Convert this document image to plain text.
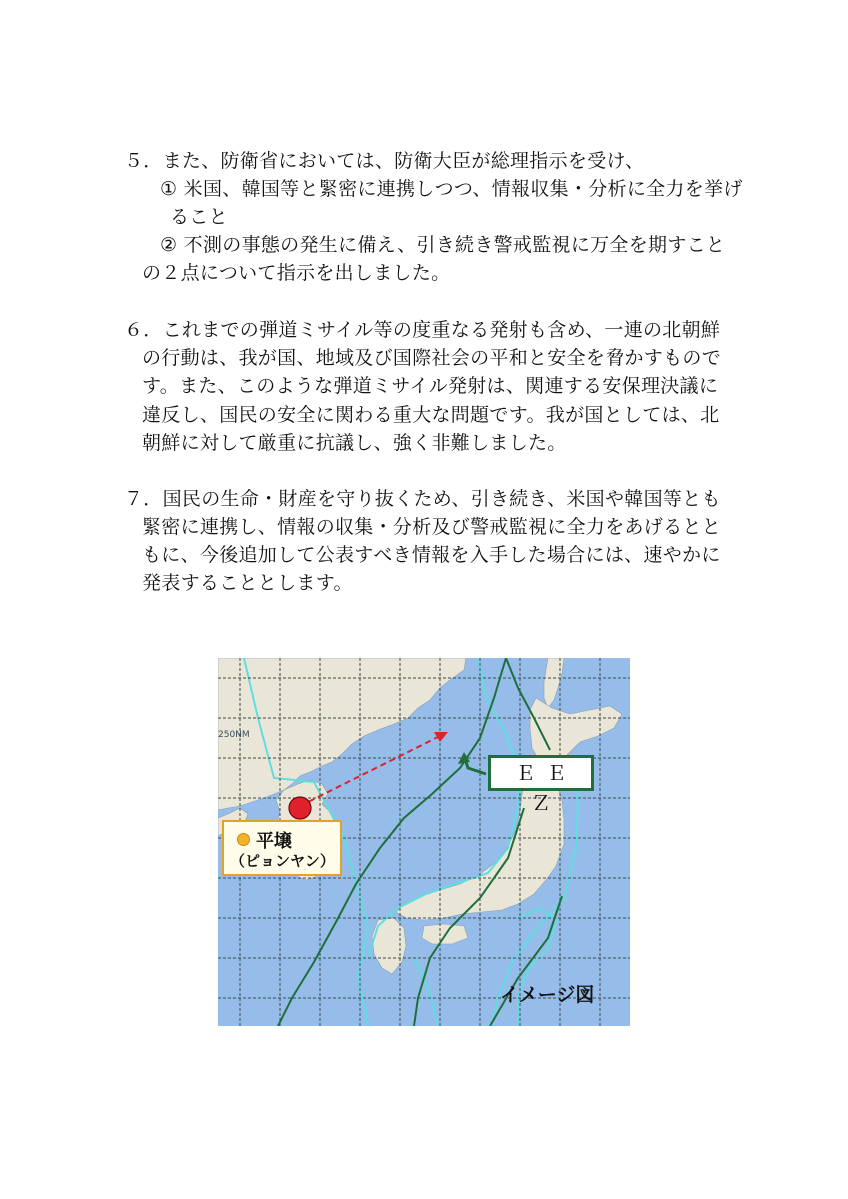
５．また、防衛省においては、防衛大臣が総理指示を受け、
① 米国、韓国等と緊密に連携しつつ、情報収集・分析に全力を挙げ
ること
② 不測の事態の発生に備え、引き続き警戒監視に万全を期すこと
の２点について指示を出しました。
６．これまでの弾道ミサイル等の度重なる発射も含め、一連の北朝鮮
の行動は、我が国、地域及び国際社会の平和と安全を脅かすもので
す。また、このような弾道ミサイル発射は、関連する安保理決議に
違反し、国民の安全に関わる重大な問題です。我が国としては、北
朝鮮に対して厳重に抗議し、強く非難しました。
７．国民の生命・財産を守り抜くため、引き続き、米国や韓国等とも
緊密に連携し、情報の収集・分析及び警戒監視に全力をあげるとと
もに、今後追加して公表すべき情報を入手した場合には、速やかに
発表することとします。
250NM
平壌
（ピョンヤン）
ＥＥＺ
イメージ図
